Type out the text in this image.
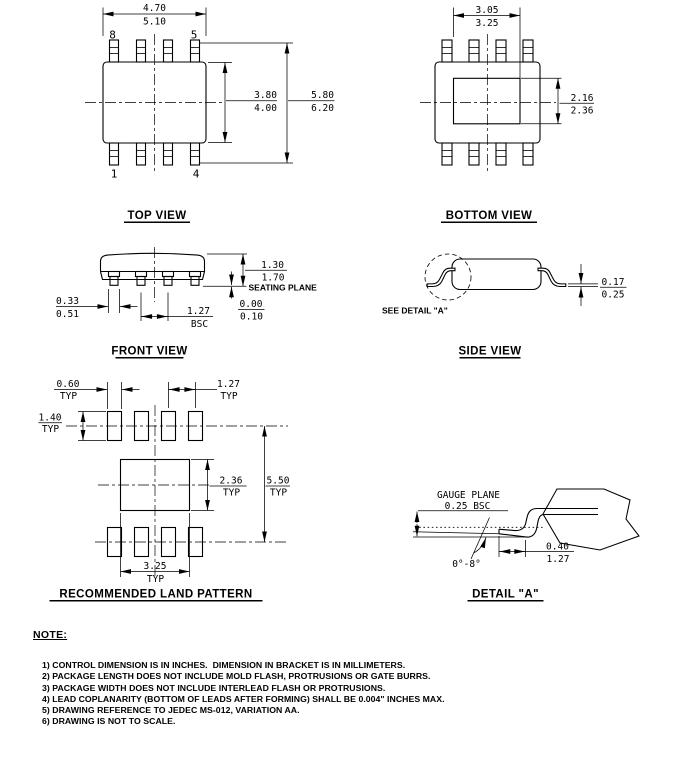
8	5
1	4
4.70
5.10
3.80
4.00
5.80
6.20
TOP VIEW
3.05
3.25
2.16
2.36
BOTTOM VIEW
SEATING PLANE
1.30
1.70
0.00
0.10
0.33
0.51	1.27
BSC
FRONT VIEW
SEE DETAIL "A"
0.17
0.25
SIDE VIEW
0.60
TYP
1.27
TYP
1.40
TYP
2.36
TYP
5.50
TYP
3.25
TYP
RECOMMENDED LAND PATTERN
GAUGE PLANE
0.25 BSC
0.40
1.27
0°-8°
DETAIL "A"
NOTE:
1) CONTROL DIMENSION IS IN INCHES.  DIMENSION IN BRACKET IS IN MILLIMETERS.
2) PACKAGE LENGTH DOES NOT INCLUDE MOLD FLASH, PROTRUSIONS OR GATE BURRS.
3) PACKAGE WIDTH DOES NOT INCLUDE INTERLEAD FLASH OR PROTRUSIONS.
4) LEAD COPLANARITY (BOTTOM OF LEADS AFTER FORMING) SHALL BE 0.004" INCHES MAX.
5) DRAWING REFERENCE TO JEDEC MS-012, VARIATION AA.
6) DRAWING IS NOT TO SCALE.
